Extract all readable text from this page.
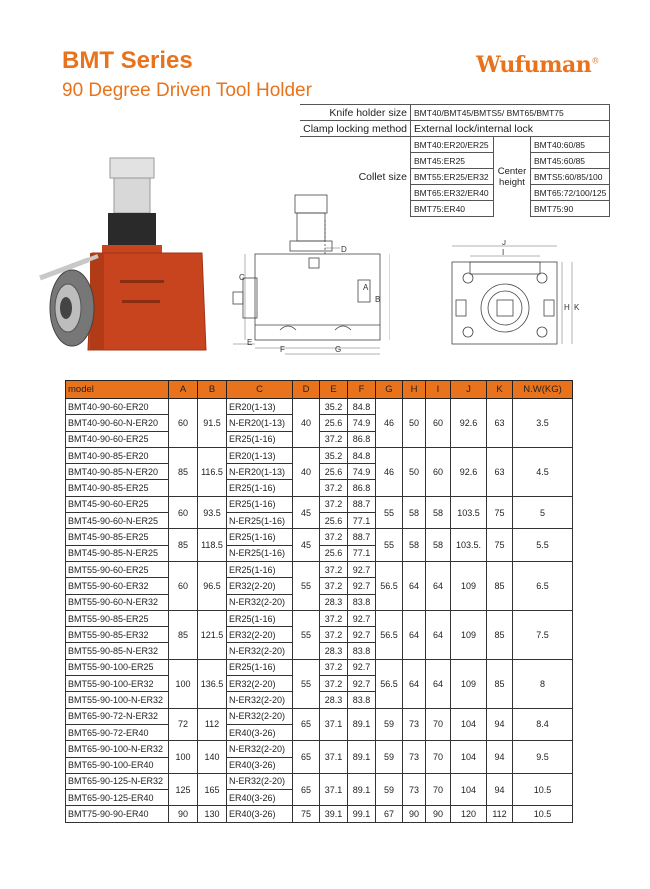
BMT Series
90 Degree Driven Tool Holder
Wufuman®
Knife holder size	BMT40/BMT45/BMTS5/ BMT65/BMT75		
Clamp locking method	External lock/internal lock		
Collet size	BMT40:ER20/ER25	Center height	BMT40:60/85
	BMT45:ER25		BMT45:60/85
	BMT55:ER25/ER32		BMTS5:60/85/100
	BMT65:ER32/ER40		BMT65:72/100/125
	BMT75:ER40		BMT75:90
C
D
A
B
E
F	G
J
I
H K
model	A	B	C	D	E	F	G	H	I	J	K	N.W(KG)
BMT40-90-60-ER20	60	91.5	ER20(1-13)	40	35.2	84.8	46	50	60	92.6	63	3.5
BMT40-90-60-N-ER20			N-ER20(1-13)		25.6	74.9						
BMT40-90-60-ER25			ER25(1-16)		37.2	86.8						
BMT40-90-85-ER20	85	116.5	ER20(1-13)	40	35.2	84.8	46	50	60	92.6	63	4.5
BMT40-90-85-N-ER20			N-ER20(1-13)		25.6	74.9						
BMT40-90-85-ER25			ER25(1-16)		37.2	86.8						
BMT45-90-60-ER25	60	93.5	ER25(1-16)	45	37.2	88.7	55	58	58	103.5	75	5
BMT45-90-60-N-ER25			N-ER25(1-16)		25.6	77.1						
BMT45-90-85-ER25	85	118.5	ER25(1-16)	45	37.2	88.7	55	58	58	103.5.	75	5.5
BMT45-90-85-N-ER25			N-ER25(1-16)		25.6	77.1						
BMT55-90-60-ER25	60	96.5	ER25(1-16)	55	37.2	92.7	56.5	64	64	109	85	6.5
BMT55-90-60-ER32			ER32(2-20)		37.2	92.7						
BMT55-90-60-N-ER32			N-ER32(2-20)		28.3	83.8						
BMT55-90-85-ER25	85	121.5	ER25(1-16)	55	37.2	92.7	56.5	64	64	109	85	7.5
BMT55-90-85-ER32			ER32(2-20)		37.2	92.7						
BMT55-90-85-N-ER32			N-ER32(2-20)		28.3	83.8						
BMT55-90-100-ER25	100	136.5	ER25(1-16)	55	37.2	92.7	56.5	64	64	109	85	8
BMT55-90-100-ER32			ER32(2-20)		37.2	92.7						
BMT55-90-100-N-ER32			N-ER32(2-20)		28.3	83.8						
BMT65-90-72-N-ER32	72	112	N-ER32(2-20)	65	37.1	89.1	59	73	70	104	94	8.4
BMT65-90-72-ER40			ER40(3-26)									
BMT65-90-100-N-ER32	100	140	N-ER32(2-20)	65	37.1	89.1	59	73	70	104	94	9.5
BMT65-90-100-ER40			ER40(3-26)									
BMT65-90-125-N-ER32	125	165	N-ER32(2-20)	65	37.1	89.1	59	73	70	104	94	10.5
BMT65-90-125-ER40			ER40(3-26)									
BMT75-90-90-ER40	90	130	ER40(3-26)	75	39.1	99.1	67	90	90	120	112	10.5
